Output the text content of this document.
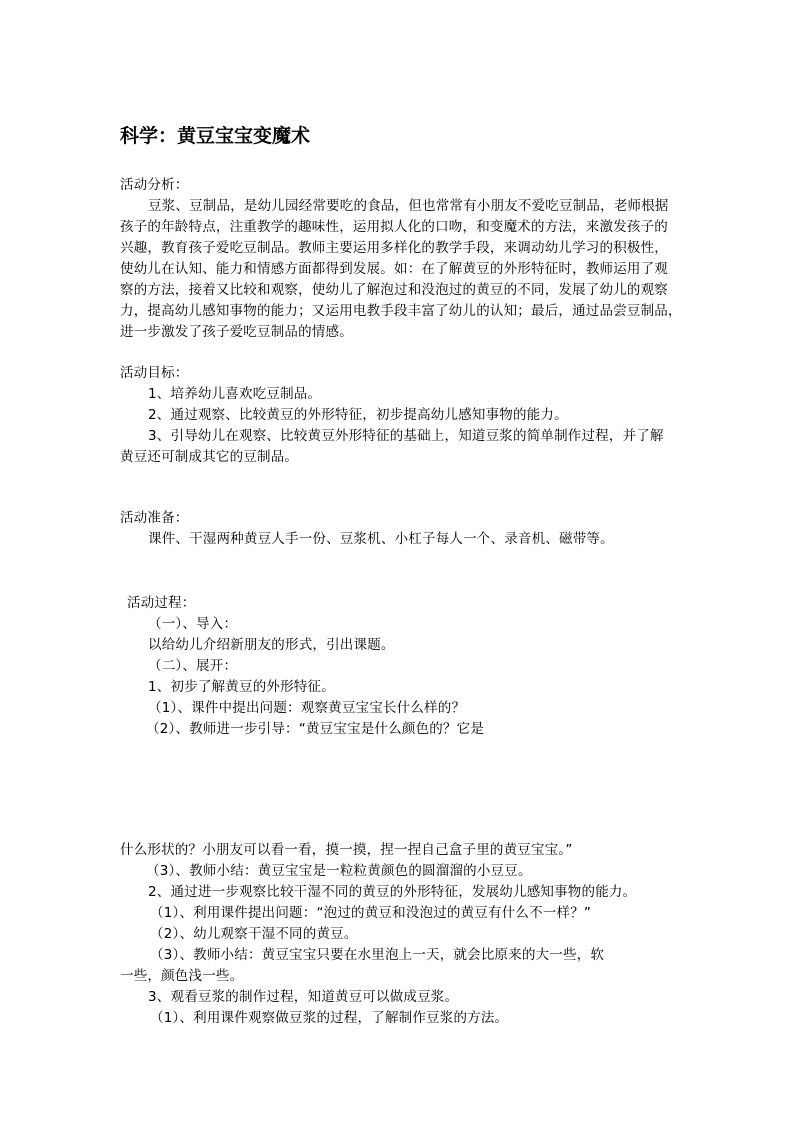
科学：黄豆宝宝变魔术
活动分析：
豆浆、豆制品，是幼儿园经常要吃的食品，但也常常有小朋友不爱吃豆制品，老师根据
孩子的年龄特点，注重教学的趣味性，运用拟人化的口吻，和变魔术的方法，来激发孩子的
兴趣，教育孩子爱吃豆制品。教师主要运用多样化的教学手段，来调动幼儿学习的积极性，
使幼儿在认知、能力和情感方面都得到发展。如：在了解黄豆的外形特征时，教师运用了观
察的方法，接着又比较和观察，使幼儿了解泡过和没泡过的黄豆的不同，发展了幼儿的观察
力，提高幼儿感知事物的能力；又运用电教手段丰富了幼儿的认知；最后，通过品尝豆制品，
进一步激发了孩子爱吃豆制品的情感。
活动目标：
1、培养幼儿喜欢吃豆制品。
2、通过观察、比较黄豆的外形特征，初步提高幼儿感知事物的能力。
3、引导幼儿在观察、比较黄豆外形特征的基础上，知道豆浆的简单制作过程，并了解
黄豆还可制成其它的豆制品。
活动准备：
课件、干湿两种黄豆人手一份、豆浆机、小杠子每人一个、录音机、磁带等。
活动过程：
（一）、导入：
以给幼儿介绍新朋友的形式，引出课题。
（二）、展开：
1、初步了解黄豆的外形特征。
（1）、课件中提出问题：观察黄豆宝宝长什么样的？
（2）、教师进一步引导：“黄豆宝宝是什么颜色的？它是
什么形状的？小朋友可以看一看，摸一摸，捏一捏自己盒子里的黄豆宝宝。”
（3）、教师小结：黄豆宝宝是一粒粒黄颜色的圆溜溜的小豆豆。
2、通过进一步观察比较干湿不同的黄豆的外形特征，发展幼儿感知事物的能力。
（1）、利用课件提出问题：“泡过的黄豆和没泡过的黄豆有什么不一样？”
（2）、幼儿观察干湿不同的黄豆。
（3）、教师小结：黄豆宝宝只要在水里泡上一天，就会比原来的大一些，软
一些，颜色浅一些。
3、观看豆浆的制作过程，知道黄豆可以做成豆浆。
（1）、利用课件观察做豆浆的过程，了解制作豆浆的方法。
